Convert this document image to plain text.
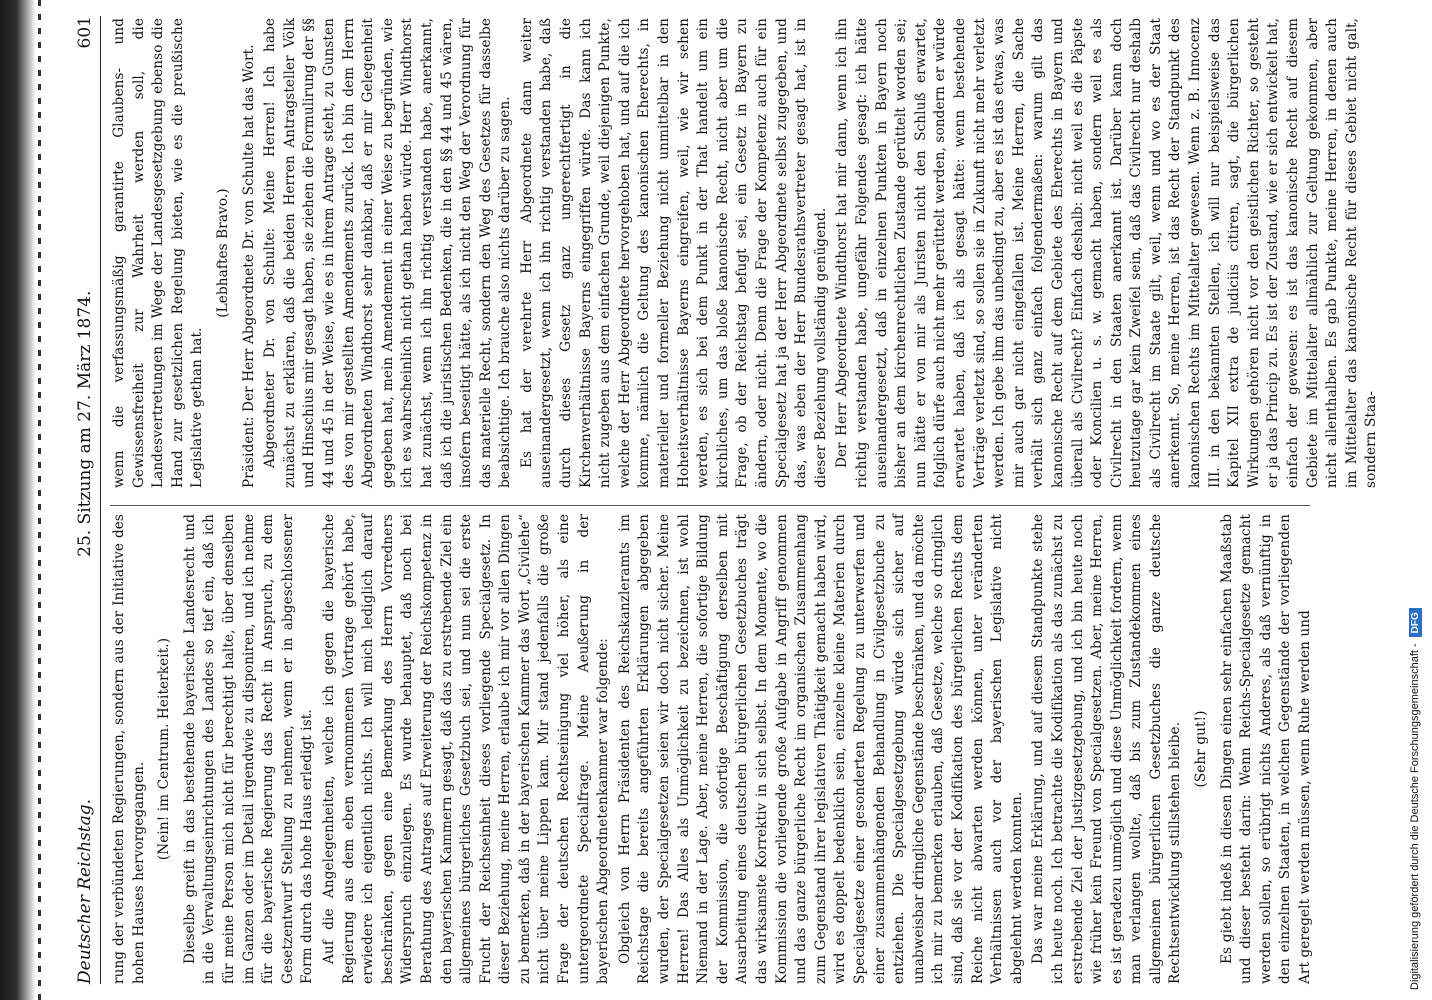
Deutscher Reichstag.
25. Sitzung am 27. März 1874.
601

rung der verbündeten Regierungen, sondern aus der Initiative des hohen Hauses hervorgegangen.

(Nein! im Centrum. Heiterkeit.) Dieselbe greift in das bestehende bayerische Landesrecht und in die Verwaltungseinrichtungen des Landes so tief ein, daß ich für meine Person mich nicht für berechtigt halte, über denselben im Ganzen oder im Detail irgendwie zu disponiren, und ich nehme für die bayerische Regierung das Recht in Anspruch, zu dem Gesetzentwurf Stellung zu nehmen, wenn er in abgeschlossener Form durch das hohe Haus erledigt ist. Auf die Angelegenheiten, welche ich gegen die bayerische Regierung aus dem eben vernommenen Vortrage gehört habe, erwiedere ich eigentlich nichts. Ich will mich lediglich darauf beschränken, gegen eine Bemerkung des Herrn Vorredners Widerspruch einzulegen. Es wurde behauptet, daß noch bei Berathung des Antrages auf Erweiterung der Reichskompetenz in den bayerischen Kammern gesagt, daß das zu erstrebende Ziel ein allgemeines bürgerliches Gesetzbuch sei, und nun sei die erste Frucht der Reichseinheit dieses vorliegende Specialgesetz. In dieser Beziehung, meine Herren, erlaube ich mir vor allen Dingen zu bemerken, daß in der bayerischen Kammer das Wort „Civilehe“ nicht über meine Lippen kam. Mir stand jedenfalls die große Frage der deutschen Rechtseinigung viel höher, als eine untergeordnete Specialfrage. Meine Aeußerung in der bayerischen Abgeordnetenkammer war folgende: Obgleich von Herrn Präsidenten des Reichskanzleramts im Reichstage die bereits angeführten Erklärungen abgegeben wurden, der Specialgesetzen seien wir doch nicht sicher. Meine Herren! Das Alles als Unmöglichkeit zu bezeichnen, ist wohl Niemand in der Lage. Aber, meine Herren, die sofortige Bildung der Kommission, die sofortige Beschäftigung derselben mit Ausarbeitung eines deutschen bürgerlichen Gesetzbuches trägt das wirksamste Korrektiv in sich selbst. In dem Momente, wo die Kommission die vorliegende große Aufgabe in Angriff genommen und das ganze bürgerliche Recht im organischen Zusammenhang zum Gegenstand ihrer legislativen Thätigkeit gemacht haben wird, wird es doppelt bedenklich sein, einzelne kleine Materien durch Specialgesetze einer gesonderten Regelung zu unterwerfen und einer zusammenhängenden Behandlung in Civilgesetzbuche zu entziehen. Die Specialgesetzgebung würde sich sicher auf unabweisbar dringliche Gegenstände beschränken, und da möchte ich mir zu bemerken erlauben, daß Gesetze, welche so dringlich sind, daß sie vor der Kodifikation des bürgerlichen Rechts dem Reiche nicht abwarten werden können, unter veränderten Verhältnissen auch vor der bayerischen Legislative nicht abgelehnt werden konnten. Das war meine Erklärung, und auf diesem Standpunkte stehe ich heute noch. Ich betrachte die Kodifikation als das zunächst zu erstrebende Ziel der Justizgesetzgebung, und ich bin heute noch wie früher kein Freund von Specialgesetzen. Aber, meine Herren, es ist geradezu unmöglich und diese Unmöglichkeit fordern, wenn man verlangen wollte, daß bis zum Zustandekommen eines allgemeinen bürgerlichen Gesetzbuches die ganze deutsche Rechtsentwicklung stillstehen bleibe. (Sehr gut!) Es giebt indeß in diesen Dingen einen sehr einfachen Maaßstab und dieser besteht darin: Wenn Reichs-Specialgesetze gemacht werden sollen, so erübrigt nichts Anderes, als daß vernünftig in den einzelnen Staaten, in welchen Gegenstände der vorliegenden Art geregelt werden müssen, wenn Ruhe werden und

wenn die verfassungsmäßig garantirte Glaubens- und Gewissensfreiheit zur Wahrheit werden soll, die Landesvertretungen im Wege der Landesgesetzgebung ebenso die Hand zur gesetzlichen Regelung bieten, wie es die preußische Legislative gethan hat.

(Lebhaftes Bravo.) Präsident: Der Herr Abgeordnete Dr. von Schulte hat das Wort. Abgeordneter Dr. von Schulte: Meine Herren! Ich habe zunächst zu erklären, daß die beiden Herren Antragsteller Völk und Hinschius mir gesagt haben, sie ziehen die Formulirung der §§ 44 und 45 in der Weise, wie es in ihrem Antrage steht, zu Gunsten des von mir gestellten Amendements zurück. Ich bin dem Herrn Abgeordneten Windthorst sehr dankbar, daß er mir Gelegenheit gegeben hat, mein Amendement in einer Weise zu begründen, wie ich es wahrscheinlich nicht gethan haben würde. Herr Windthorst hat zunächst, wenn ich ihn richtig verstanden habe, anerkannt, daß ich die juristischen Bedenken, die in den §§ 44 und 45 wären, insofern beseitigt hätte, als ich nicht den Weg der Verordnung für das materielle Recht, sondern den Weg des Gesetzes für dasselbe beabsichtige. Ich brauche also nichts darüber zu sagen. Es hat der verehrte Herr Abgeordnete dann weiter auseinandergesetzt, wenn ich ihn richtig verstanden habe, daß durch dieses Gesetz ganz ungerechtfertigt in die Kirchenverhältnisse Bayerns eingegriffen würde. Das kann ich nicht zugeben aus dem einfachen Grunde, weil diejenigen Punkte, welche der Herr Abgeordnete hervorgehoben hat, und auf die ich komme, nämlich die Geltung des kanonischen Eherechts, in materieller und formeller Beziehung nicht unmittelbar in den Hoheitsverhältnisse Bayerns eingreifen, weil, wie wir sehen werden, es sich bei dem Punkt in der That handelt um ein kirchliches, um das bloße kanonische Recht, nicht aber um die Frage, ob der Reichstag befugt sei, ein Gesetz in Bayern zu ändern, oder nicht. Denn die Frage der Kompetenz auch für ein Specialgesetz hat ja der Herr Abgeordnete selbst zugegeben, und das, was eben der Herr Bundesrathsvertreter gesagt hat, ist in dieser Beziehung vollständig genügend. Der Herr Abgeordnete Windthorst hat mir dann, wenn ich ihn richtig verstanden habe, ungefähr Folgendes gesagt: ich hätte auseinandergesetzt, daß in einzelnen Punkten in Bayern noch bisher an dem kirchenrechtlichen Zustande gerüttelt worden sei; nun hätte er von mir als Juristen nicht den Schluß erwartet, folglich dürfe auch nicht mehr gerüttelt werden, sondern er würde erwartet haben, daß ich als gesagt hätte: wenn bestehende Verträge verletzt sind, so sollen sie in Zukunft nicht mehr verletzt werden. Ich gebe ihm das unbedingt zu, aber es ist das etwas, was mir auch gar nicht eingefallen ist. Meine Herren, die Sache verhält sich ganz einfach folgendermaßen: warum gilt das kanonische Recht auf dem Gebiete des Eherechts in Bayern und überall als Civilrecht? Einfach deshalb: nicht weil es die Päpste oder Koncilien u. s. w. gemacht haben, sondern weil es als Civilrecht in den Staaten anerkannt ist. Darüber kann doch heutzutage gar kein Zweifel sein, daß das Civilrecht nur deshalb als Civilrecht im Staate gilt, weil, wenn und wo es der Staat anerkennt. So, meine Herren, ist das Recht der Standpunkt des kanonischen Rechts im Mittelalter gewesen. Wenn z. B. Innocenz III. in den bekannten Stellen, ich will nur beispielsweise das Kapitel XII extra de judiciis citiren, sagt, die bürgerlichen Wirkungen gehören nicht vor den geistlichen Richter, so gesteht er ja das Princip zu. Es ist der Zustand, wie er sich entwickelt hat, einfach der gewesen: es ist das kanonische Recht auf diesem Gebiete im Mittelalter allmählich zur Geltung gekommen, aber nicht allenthalben. Es gab Punkte, meine Herren, in denen auch im Mittelalter das kanonische Recht für dieses Gebiet nicht galt, sondern Staa-

Digitalisierung gefördert durch die Deutsche Forschungsgemeinschaft -
DFG
